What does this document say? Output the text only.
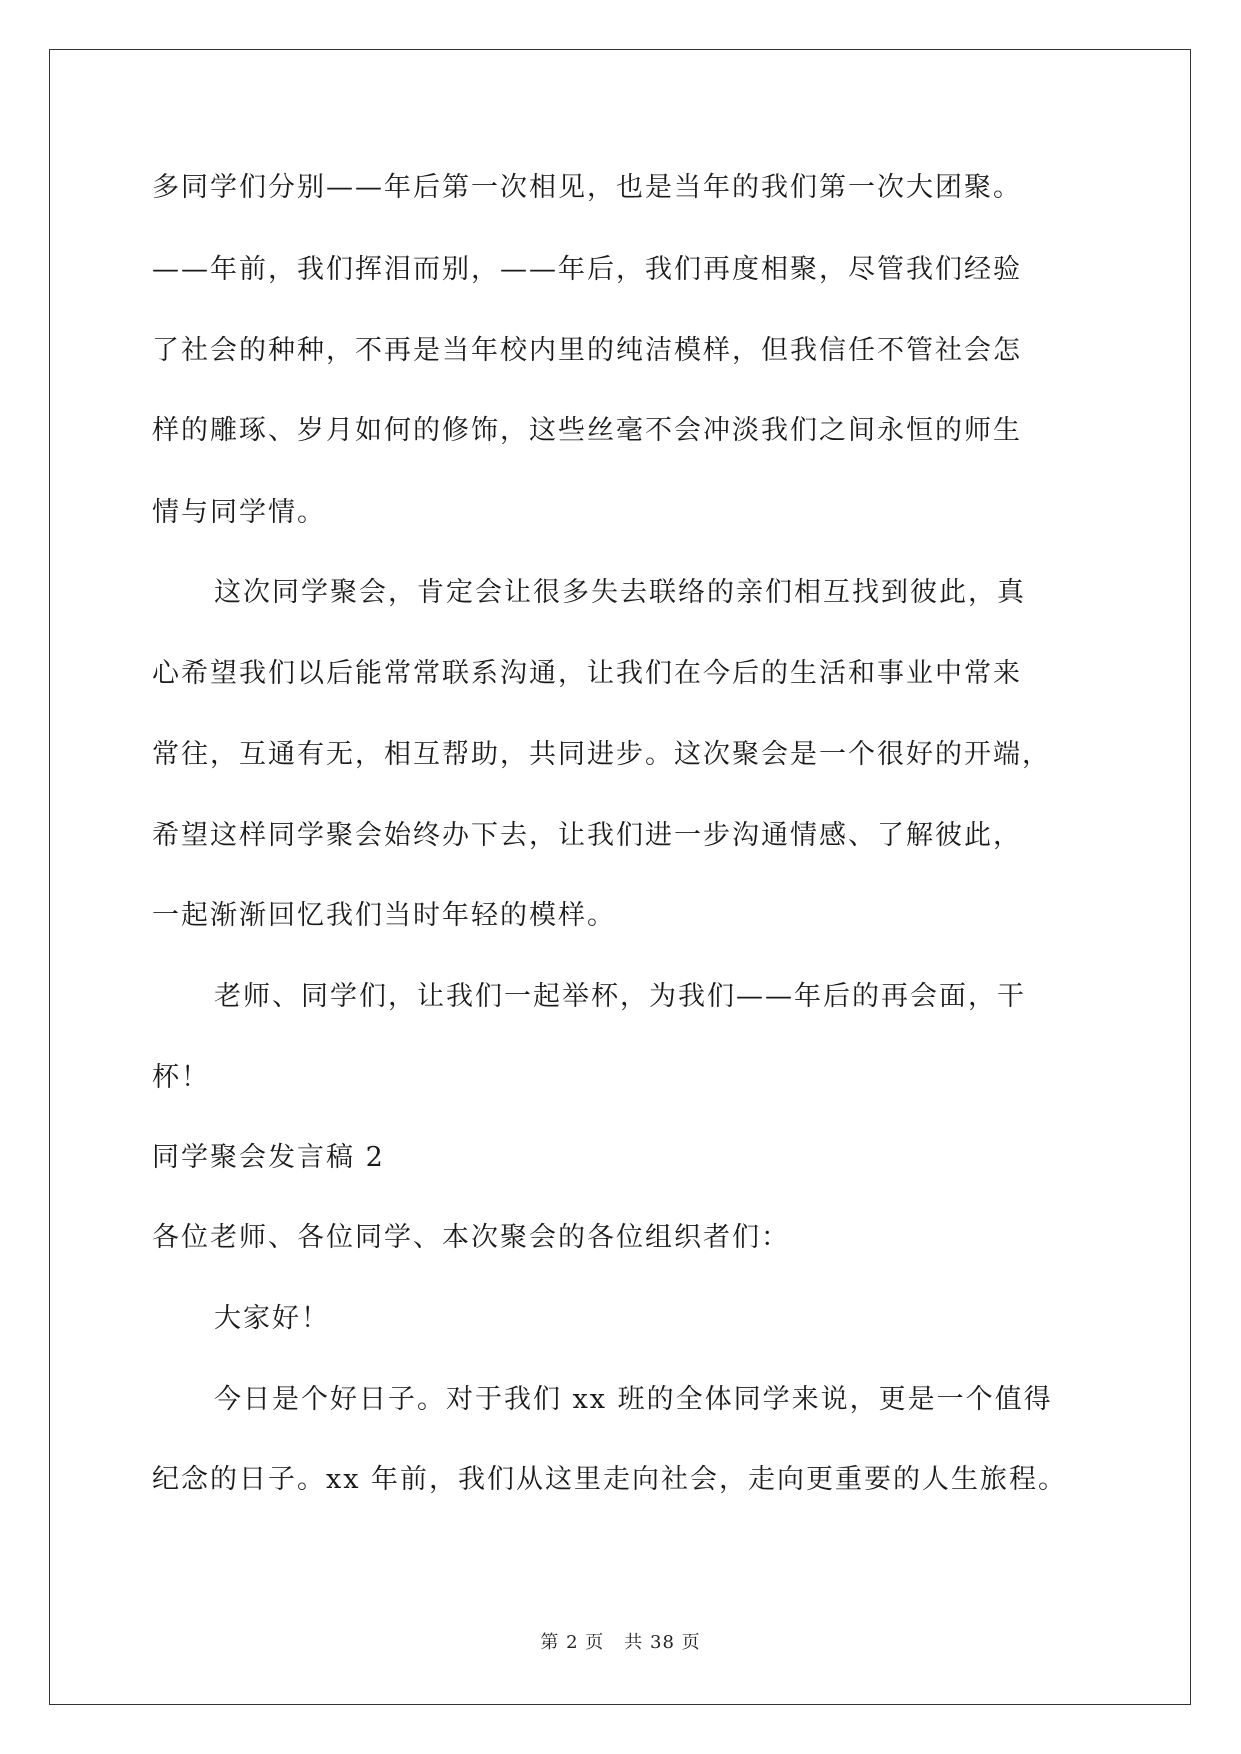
多同学们分别——年后第一次相见，也是当年的我们第一次大团聚。
——年前，我们挥泪而别，——年后，我们再度相聚，尽管我们经验
了社会的种种，不再是当年校内里的纯洁模样，但我信任不管社会怎
样的雕琢、岁月如何的修饰，这些丝毫不会冲淡我们之间永恒的师生
情与同学情。
这次同学聚会，肯定会让很多失去联络的亲们相互找到彼此，真
心希望我们以后能常常联系沟通，让我们在今后的生活和事业中常来
常往，互通有无，相互帮助，共同进步。这次聚会是一个很好的开端，
希望这样同学聚会始终办下去，让我们进一步沟通情感、了解彼此，
一起渐渐回忆我们当时年轻的模样。
老师、同学们，让我们一起举杯，为我们——年后的再会面，干
杯！
同学聚会发言稿 2
各位老师、各位同学、本次聚会的各位组织者们：
大家好！
今日是个好日子。对于我们 xx 班的全体同学来说，更是一个值得
纪念的日子。xx 年前，我们从这里走向社会，走向更重要的人生旅程。
第 2 页 共 38 页
